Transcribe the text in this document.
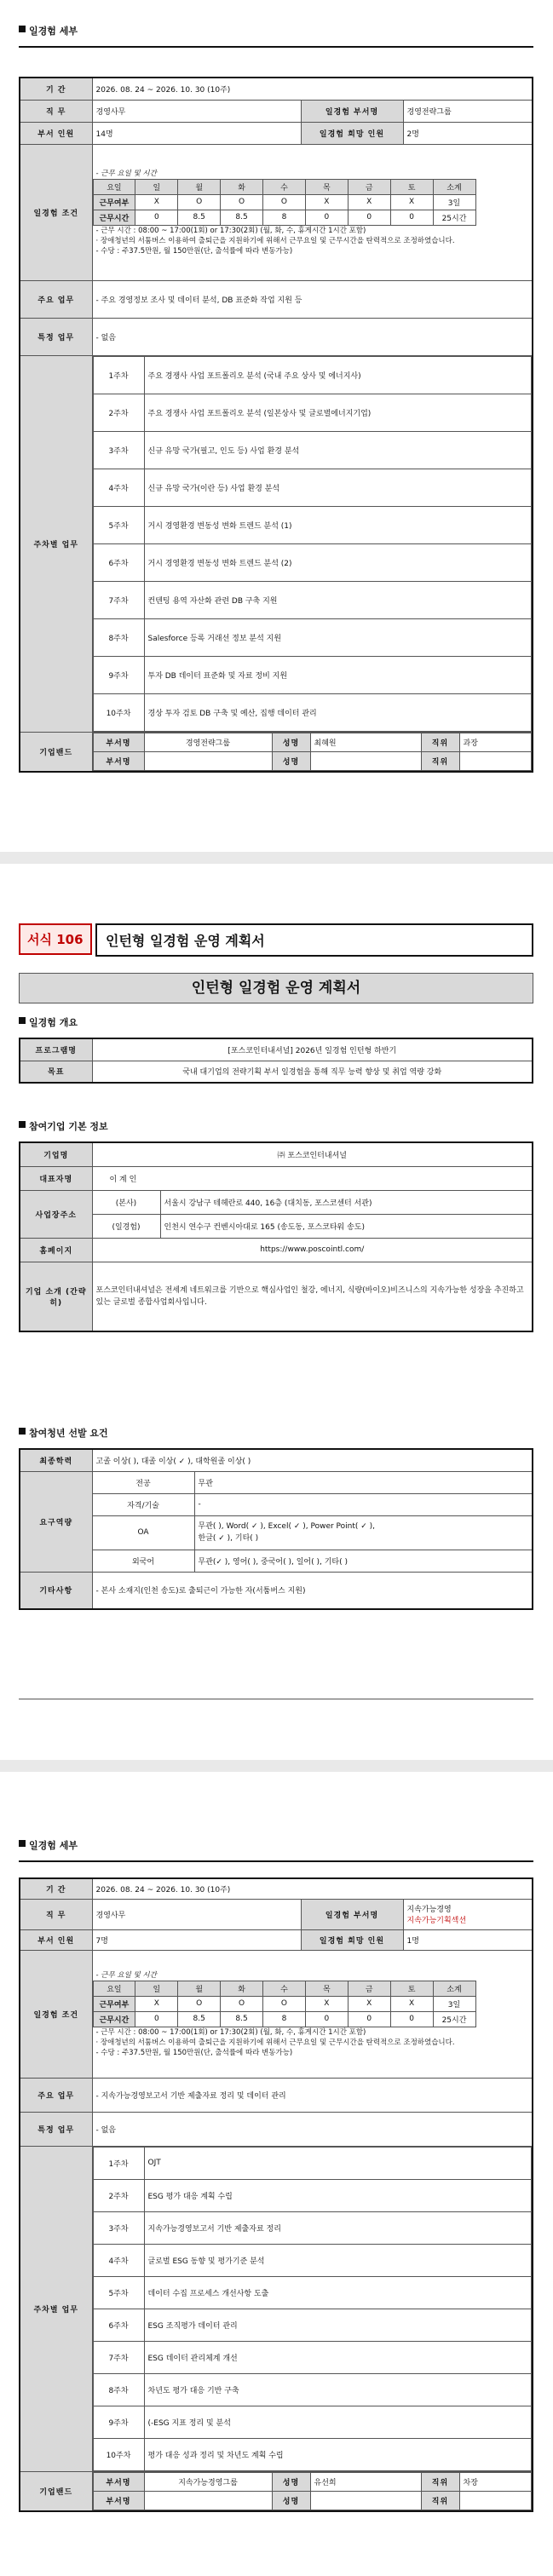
일경험 세부
기 간	2026. 08. 24 ~ 2026. 10. 30 (10주)
직 무	경영사무	일경험 부서명	경영전략그룹
부서 인원	14명	일경험 희망 인원	2명
일경험 조건	
- 근무 요일 및 시간
요일	일	월	화	수	목	금	토	소계
근무여부	X	O	O	O	X	X	X	3일
근무시간	0	8.5	8.5	8	0	0	0	25시간
- 근무 시간 : 08:00 ~ 17:00(1회) or 17:30(2회) (월, 화, 수, 휴게시간 1시간 포함)
· 장애청년의 서툼버스 이용하여 출퇴근을 지원하기에 위해서 근무요일 및 근무시간을 탄력적으로 조정하였습니다.
- 수당 : 주37.5만원, 월 150만원(단, 출석률에 따라 변동가능)

주요 업무	- 주요 경영정보 조사 및 데이터 분석, DB 표준화 작업 지원 등
특정 업무	- 없음
주차별 업무	
1주차	주요 경쟁사 사업 포트폴리오 분석 (국내 주요 상사 및 에너지사)
2주차	주요 경쟁사 사업 포트폴리오 분석 (일본상사 및 글로벌에너지기업)
3주차	신규 유망 국가(필고, 인도 등) 사업 환경 분석
4주차	신규 유망 국가(이란 등) 사업 환경 분석
5주차	거시 경영환경 변동성 변화 트렌드 분석 (1)
6주차	거시 경영환경 변동성 변화 트렌드 분석 (2)
7주차	컨텐팅 용역 자산화 관련 DB 구축 지원
8주차	Salesforce 등록 거래선 정보 분석 지원
9주차	투자 DB 데이터 표준화 및 자료 정비 지원
10주차	경상 투자 검토 DB 구축 및 예산, 집행 데이터 관리

기업밴드	
부서명	경영전략그룹	성명	최혜원	직위	과장
부서명		성명		직위	
서식 106	인턴형 일경험 운영 계획서
인턴형 일경험 운영 계획서
일경험 개요
프로그램명	[포스코인터내셔널] 2026년 일경험 인턴형 하반기
목표	국내 대기업의 전략기획 부서 일경험을 통해 직무 능력 향상 및 취업 역량 강화
참여기업 기본 정보
기업명	㈜ 포스코인터내셔널	
대표자명	이 계 인	
사업장주소	(본사)	서울시 강남구 테헤란로 440, 16층 (대치동, 포스코센터 서관)
	(일경험)	인천시 연수구 컨벤시아대로 165 (송도동, 포스코타워 송도)
홈페이지	https://www.poscointl.com/	
기업 소개 (간략히)	포스코인터내셔널은 전세계 네트워크를 기반으로 핵심사업인 철강, 에너지, 식량(바이오)비즈니스의 지속가능한 성장을 추진하고 있는 글로벌 종합사업회사입니다.	
참여청년 선발 요건
최종학력	고졸 이상( ), 대졸 이상( ✓ ), 대학원졸 이상( )	
요구역량	전공	무관
	자격/기술	-
	OA	무관( ), Word( ✓ ), Excel( ✓ ), Power Point( ✓ ),
한글( ✓ ), 기타( )

	외국어	무관(✓ ), 영어( ), 중국어( ), 일어( ), 기타( )
기타사항	- 본사 소재지(인천 송도)로 출퇴근이 가능한 자(서툼버스 지원)	
일경험 세부
기 간	2026. 08. 24 ~ 2026. 10. 30 (10주)
직 무	경영사무	일경험 부서명	
지속가능경영
지속가능기획섹션

부서 인원	7명	일경험 희망 인원	1명
일경험 조건	
- 근무 요일 및 시간
요일	일	월	화	수	목	금	토	소계
근무여부	X	O	O	O	X	X	X	3일
근무시간	0	8.5	8.5	8	0	0	0	25시간
- 근무 시간 : 08:00 ~ 17:00(1회) or 17:30(2회) (월, 화, 수, 휴게시간 1시간 포함)
· 장애청년의 서툼버스 이용하여 출퇴근을 지원하기에 위해서 근무요일 및 근무시간을 탄력적으로 조정하였습니다.
- 수당 : 주37.5만원, 월 150만원(단, 출석률에 따라 변동가능)

주요 업무	- 지속가능경영보고서 기반 제출자료 정리 및 데이터 관리
특정 업무	- 없음
주차별 업무	
1주차	OJT
2주차	ESG 평가 대응 계획 수립
3주차	지속가능경영보고서 기반 제출자료 정리
4주차	글로벌 ESG 동향 및 평가기준 분석
5주차	데이터 수집 프로세스 개선사항 도출
6주차	ESG 조직평가 데이터 관리
7주차	ESG 데이터 관리체계 개선
8주차	차년도 평가 대응 기반 구축
9주차	(-ESG 지표 정리 및 분석
10주차	평가 대응 성과 정리 및 차년도 계획 수립

기업밴드	
부서명	지속가능경영그룹	성명	유선희	직위	차장
부서명		성명		직위	
